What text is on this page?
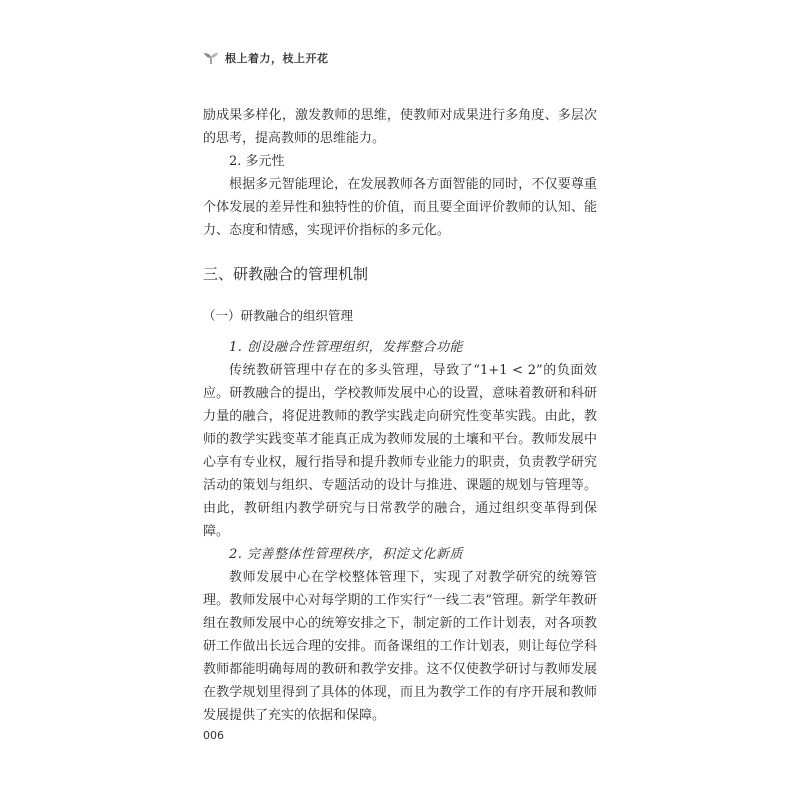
根上着力，枝上开花

励成果多样化，激发教师的思维，使教师对成果进行多角度、多层次的思考，提高教师的思维能力。

2. 多元性

根据多元智能理论，在发展教师各方面智能的同时，不仅要尊重个体发展的差异性和独特性的价值，而且要全面评价教师的认知、能力、态度和情感，实现评价指标的多元化。

三、研教融合的管理机制
（一）研教融合的组织管理

1. 创设融合性管理组织，发挥整合功能

传统教研管理中存在的多头管理，导致了“1+1 < 2”的负面效应。研教融合的提出，学校教师发展中心的设置，意味着教研和科研力量的融合，将促进教师的教学实践走向研究性变革实践。由此，教师的教学实践变革才能真正成为教师发展的土壤和平台。教师发展中心享有专业权，履行指导和提升教师专业能力的职责，负责教学研究活动的策划与组织、专题活动的设计与推进、课题的规划与管理等。由此，教研组内教学研究与日常教学的融合，通过组织变革得到保障。

2. 完善整体性管理秩序，积淀文化新质

教师发展中心在学校整体管理下，实现了对教学研究的统筹管理。教师发展中心对每学期的工作实行“一线二表”管理。新学年教研组在教师发展中心的统筹安排之下，制定新的工作计划表，对各项教研工作做出长远合理的安排。而备课组的工作计划表，则让每位学科教师都能明确每周的教研和教学安排。这不仅使教学研讨与教师发展在教学规划里得到了具体的体现，而且为教学工作的有序开展和教师发展提供了充实的依据和保障。

006
